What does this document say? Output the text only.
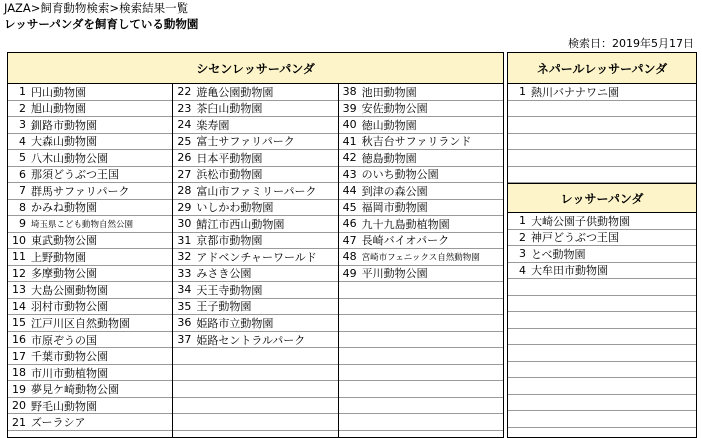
JAZA>飼育動物検索>検索結果一覧
レッサーパンダを飼育している動物園
検索日：2019年5月17日
シセンレッサーパンダ
1 円山動物園
2 旭山動物園
3 釧路市動物園
4 大森山動物園
5 八木山動物公園
6 那須どうぶつ王国
7 群馬サファリパーク
8 かみね動物園
9 埼玉県こども動物自然公園
10 東武動物公園
11 上野動物園
12 多摩動物公園
13 大島公園動物園
14 羽村市動物公園
15 江戸川区自然動物園
16 市原ぞうの国
17 千葉市動物公園
18 市川市動植物園
19 夢見ケ崎動物公園
20 野毛山動物園
21 ズーラシア
22 遊亀公園動物園
23 茶臼山動物園
24 楽寿園
25 富士サファリパーク
26 日本平動物園
27 浜松市動物園
28 富山市ファミリーパーク
29 いしかわ動物園
30 鯖江市西山動物園
31 京都市動物園
32 アドベンチャーワールド
33 みさき公園
34 天王寺動物園
35 王子動物園
36 姫路市立動物園
37 姫路セントラルパーク
38 池田動物園
39 安佐動物公園
40 徳山動物園
41 秋吉台サファリランド
42 徳島動物園
43 のいち動物公園
44 到津の森公園
45 福岡市動物園
46 九十九島動植物園
47 長崎バイオパーク
48 宮崎市フェニックス自然動物園
49 平川動物公園
ネパールレッサーパンダ
1 熱川バナナワニ園
レッサーパンダ
1 大崎公園子供動物園
2 神戸どうぶつ王国
3 とべ動物園
4 大牟田市動物園
